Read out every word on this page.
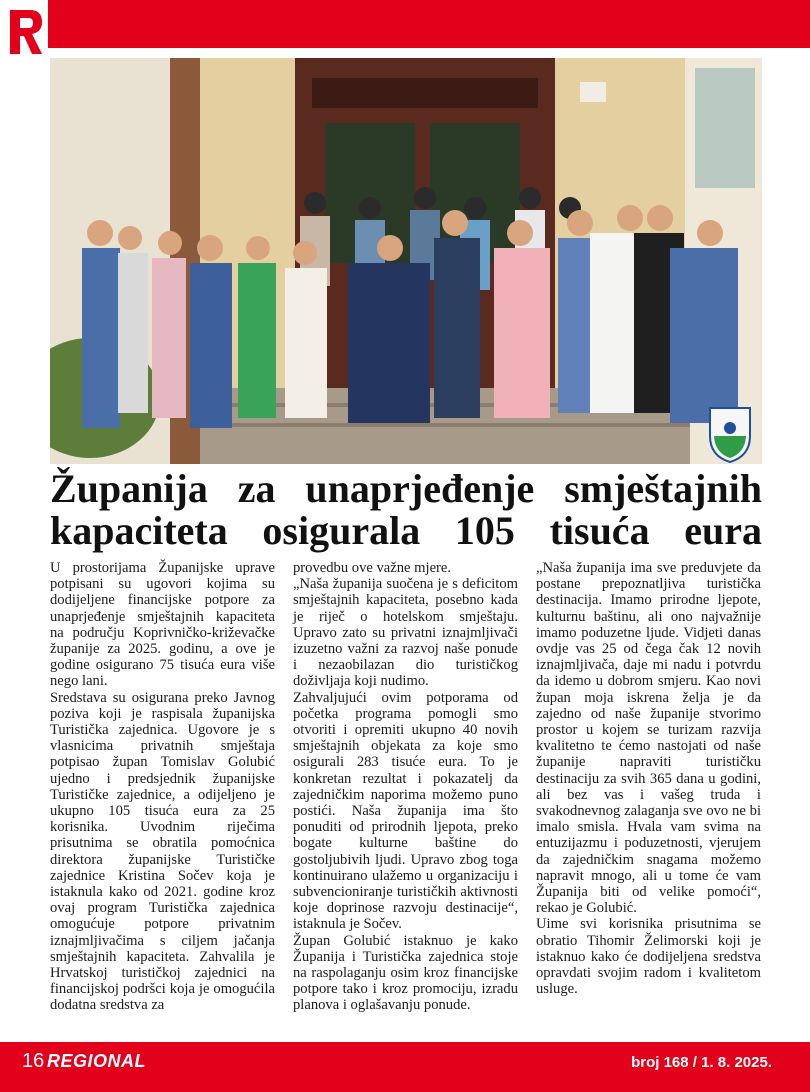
Županija za unaprjeđenje smještajnih
kapaciteta osigurala 105 tisuća eura

U prostorijama Županijske uprave potpisani su ugovori kojima su dodijeljene financijske potpore za unaprjeđenje smještajnih kapaciteta na području Koprivničko-križevačke županije za 2025. godinu, a ove je godine osigurano 75 tisuća eura više nego lani.

Sredstava su osigurana preko Javnog poziva koji je raspisala županijska Turistička zajednica. Ugovore je s vlasnicima privatnih smještaja potpisao župan Tomislav Golubić ujedno i predsjednik županijske Turističke zajednice, a odijeljeno je ukupno 105 tisuća eura za 25 korisnika. Uvodnim riječima prisutnima se obratila pomoćnica direktora županijske Turističke zajednice Kristina Sočev koja je istaknula kako od 2021. godine kroz ovaj program Turistička zajednica omogućuje potpore privatnim iznajmljivačima s ciljem jačanja smještajnih kapaciteta. Zahvalila je Hrvatskoj turističkoj zajednici na financijskoj podršci koja je omogućila dodatna sredstva za

provedbu ove važne mjere.

„Naša županija suočena je s deficitom smještajnih kapaciteta, posebno kada je riječ o hotelskom smještaju. Upravo zato su privatni iznajmljivači izuzetno važni za razvoj naše ponude i nezaobilazan dio turističkog doživljaja koji nudimo.

Zahvaljujući ovim potporama od početka programa pomogli smo otvoriti i opremiti ukupno 40 novih smještajnih objekata za koje smo osigurali 283 tisuće eura. To je konkretan rezultat i pokazatelj da zajedničkim naporima možemo puno postići. Naša županija ima što ponuditi od prirodnih ljepota, preko bogate kulturne baštine do gostoljubivih ljudi. Upravo zbog toga kontinuirano ulažemo u organizaciju i subvencioniranje turističkih aktivnosti koje doprinose razvoju destinacije“, istaknula je Sočev.

Župan Golubić istaknuo je kako Županija i Turistička zajednica stoje na raspolaganju osim kroz financijske potpore tako i kroz promociju, izradu planova i oglašavanju ponude.

„Naša županija ima sve preduvjete da postane prepoznatljiva turistička destinacija. Imamo prirodne ljepote, kulturnu baštinu, ali ono najvažnije imamo poduzetne ljude. Vidjeti danas ovdje vas 25 od čega čak 12 novih iznajmljivača, daje mi nadu i potvrdu da idemo u dobrom smjeru. Kao novi župan moja iskrena želja je da zajedno od naše županije stvorimo prostor u kojem se turizam razvija kvalitetno te ćemo nastojati od naše županije napraviti turističku destinaciju za svih 365 dana u godini, ali bez vas i vašeg truda i svakodnevnog zalaganja sve ovo ne bi imalo smisla. Hvala vam svima na entuzijazmu i poduzetnosti, vjerujem da zajedničkim snagama možemo napravit mnogo, ali u tome će vam Županija biti od velike pomoći“, rekao je Golubić.

Uime svi korisnika prisutnima se obratio Tihomir Želimorski koji je istaknuo kako će dodijeljena sredstva opravdati svojim radom i kvalitetom usluge.

16 REGIONAL	broj 168 / 1. 8. 2025.
